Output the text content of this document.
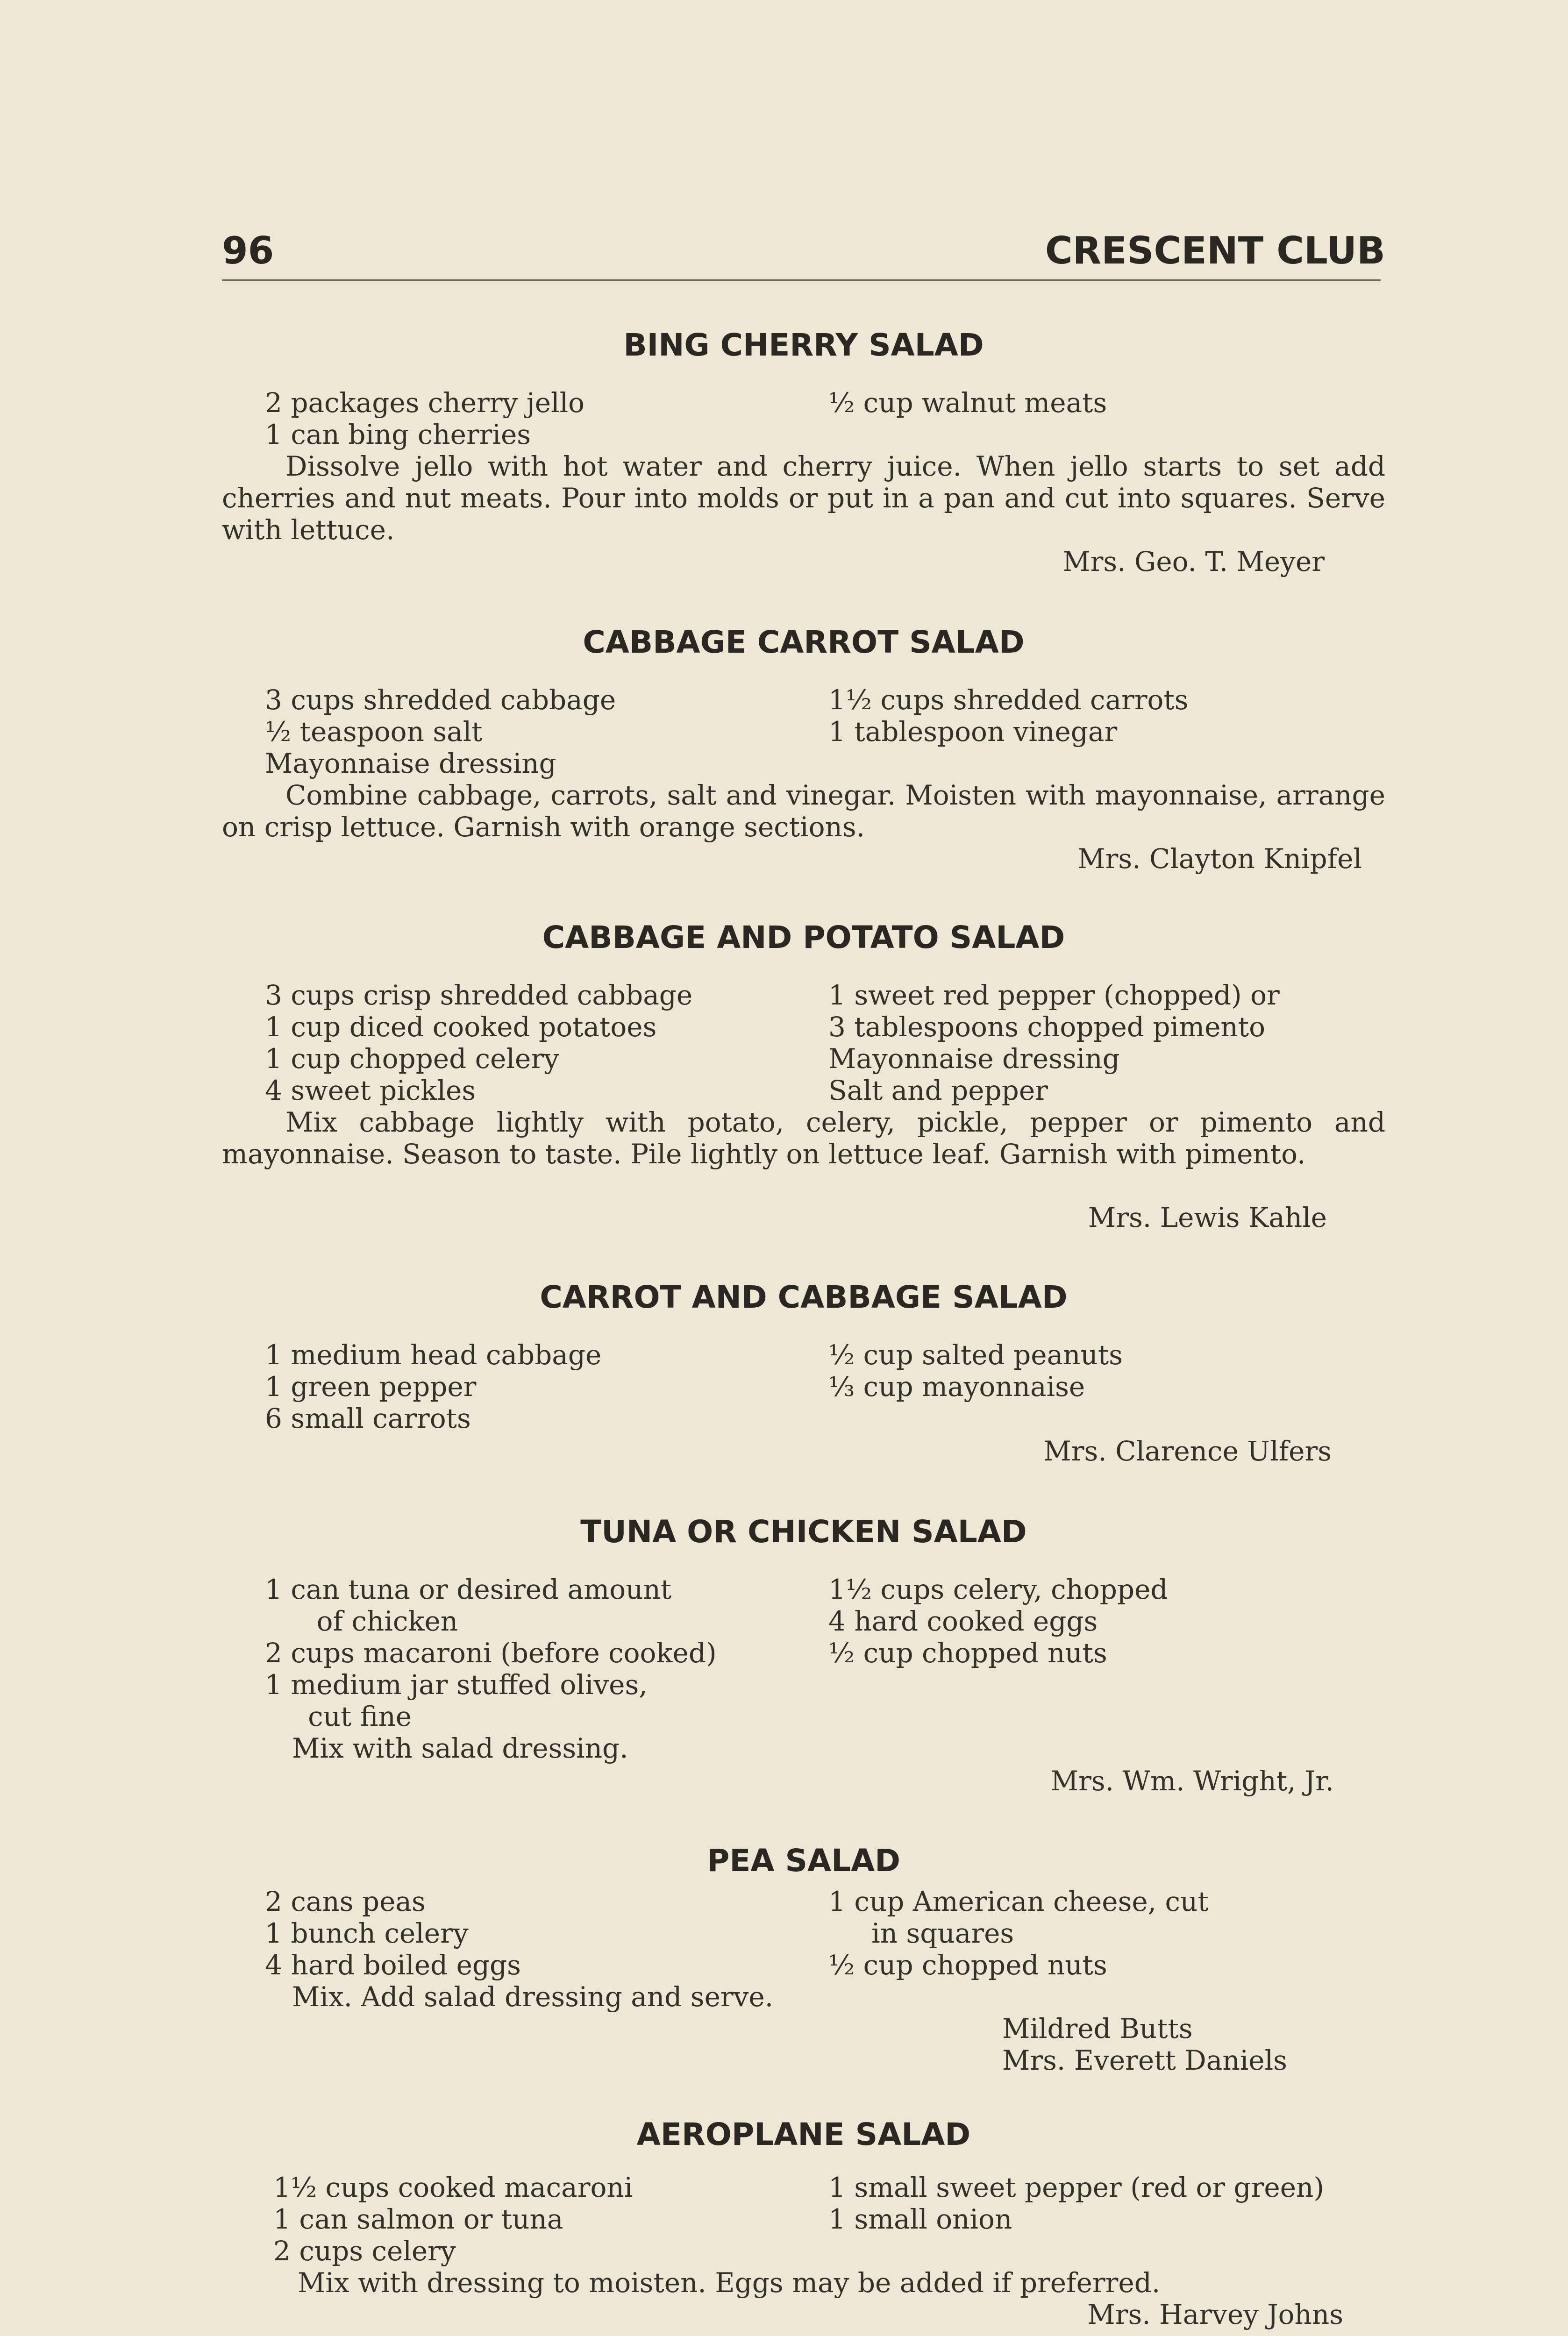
96	CRESCENT CLUB
BING CHERRY SALAD
2 packages cherry jello
1 can bing cherries
½ cup walnut meats
Dissolve jello with hot water and cherry juice. When jello starts to set add cherries and nut meats. Pour into molds or put in a pan and cut into squares. Serve with lettuce.
Mrs. Geo. T. Meyer
CABBAGE CARROT SALAD
3 cups shredded cabbage
½ teaspoon salt
Mayonnaise dressing
1½ cups shredded carrots
1 tablespoon vinegar
Combine cabbage, carrots, salt and vinegar. Moisten with mayonnaise, arrange on crisp lettuce. Garnish with orange sections.
Mrs. Clayton Knipfel
CABBAGE AND POTATO SALAD
3 cups crisp shredded cabbage
1 cup diced cooked potatoes
1 cup chopped celery
4 sweet pickles
1 sweet red pepper (chopped) or
3 tablespoons chopped pimento
Mayonnaise dressing
Salt and pepper
Mix cabbage lightly with potato, celery, pickle, pepper or pimento and mayonnaise. Season to taste. Pile lightly on lettuce leaf. Garnish with pimento.
Mrs. Lewis Kahle
CARROT AND CABBAGE SALAD
1 medium head cabbage
1 green pepper
6 small carrots
½ cup salted peanuts
⅓ cup mayonnaise
Mrs. Clarence Ulfers
TUNA OR CHICKEN SALAD
1 can tuna or desired amount
of chicken
2 cups macaroni (before cooked)
1 medium jar stuffed olives,
cut fine
1½ cups celery, chopped
4 hard cooked eggs
½ cup chopped nuts
Mix with salad dressing.
Mrs. Wm. Wright, Jr.
PEA SALAD
2 cans peas
1 bunch celery
4 hard boiled eggs
1 cup American cheese, cut
in squares
½ cup chopped nuts
Mix. Add salad dressing and serve.
Mildred Butts
Mrs. Everett Daniels
AEROPLANE SALAD
1½ cups cooked macaroni
1 can salmon or tuna
2 cups celery
1 small sweet pepper (red or green)
1 small onion
Mix with dressing to moisten. Eggs may be added if preferred.
Mrs. Harvey Johns
